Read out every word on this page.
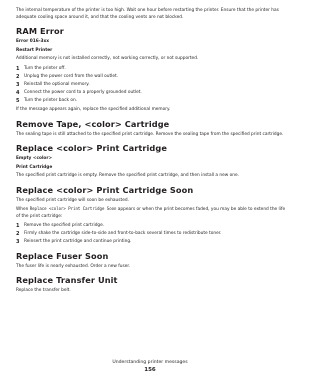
The internal temperature of the printer is too high. Wait one hour before restarting the printer. Ensure that the printer has adequate cooling space around it, and that the cooling vents are not blocked.

RAM Error
Error 016-3xx
Restart Printer

Additional memory is not installed correctly, not working correctly, or not supported.

1	Turn the printer off.
2	Unplug the power cord from the wall outlet.
3	Reinstall the optional memory.
4	Connect the power cord to a properly grounded outlet.
5	Turn the printer back on.

If the message appears again, replace the specified additional memory.

Remove Tape, <color> Cartridge

The sealing tape is still attached to the specified print cartridge. Remove the sealing tape from the specified print cartridge.

Replace <color> Print Cartridge
Empty <color>
Print Cartridge

The specified print cartridge is empty. Remove the specified print cartridge, and then install a new one.

Replace <color> Print Cartridge Soon

The specified print cartridge will soon be exhausted.

When Replace <color> Print Cartridge Soon appears or when the print becomes faded, you may be able to extend the life of the print cartridge:

1	Remove the specified print cartridge.
2	Firmly shake the cartridge side-to-side and front-to-back several times to redistribute toner.
3	Reinsert the print cartridge and continue printing.
Replace Fuser Soon

The fuser life is nearly exhausted. Order a new fuser.

Replace Transfer Unit

Replace the transfer belt.

Understanding printer messages
156
